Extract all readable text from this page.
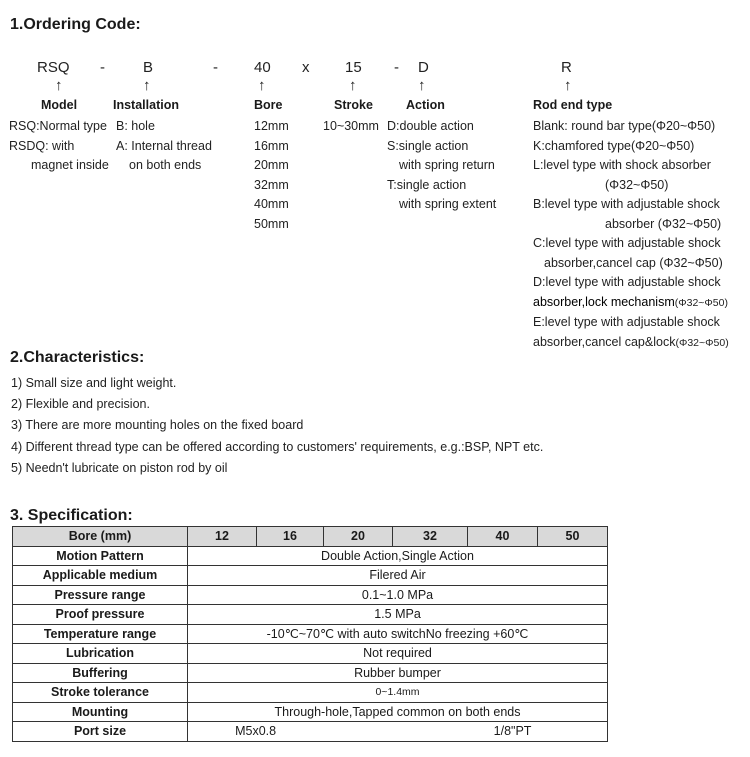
1.Ordering Code:
RSQ -	B	- 40 x 15 - D	R
↑	↑	↑	↑	↑	↑
Model	Installation	Bore	Stroke	Action	Rod end type
RSQ:Normal type
RSDQ: with
magnet inside
B: hole
A: Internal thread
on both ends
12mm
16mm
20mm
32mm
40mm
50mm
10~30mm D:double action
S:single action
with spring return
T:single action
with spring extent
Blank: round bar type(Φ20~Φ50)
K:chamfored type(Φ20~Φ50)
L:level type with shock absorber
(Φ32~Φ50)
B:level type with adjustable shock
absorber (Φ32~Φ50)
C:level type with adjustable shock
absorber,cancel cap (Φ32~Φ50)
D:level type with adjustable shock
absorber,lock mechanism(Φ32~Φ50)
E:level type with adjustable shock
absorber,cancel cap&lock(Φ32~Φ50)
2.Characteristics:
1) Small size and light weight.
2) Flexible and precision.
3) There are more mounting holes on the fixed board
4) Different thread type can be offered according to customers' requirements, e.g.:BSP, NPT etc.
5) Needn't lubricate on piston rod by oil
3. Specification:
Bore (mm)	12	16	20	32	40	50
Motion Pattern	Double Action,Single Action					
Applicable medium	Filered Air					
Pressure range	0.1~1.0 MPa					
Proof pressure	1.5 MPa					
Temperature range	-10℃~70℃ with auto switchNo freezing +60℃					
Lubrication	Not required					
Buffering	Rubber bumper					
Stroke tolerance	0~1.4mm					
Mounting	Through-hole,Tapped common on both ends					
Port size	M5x0.8 1/8"PT					
